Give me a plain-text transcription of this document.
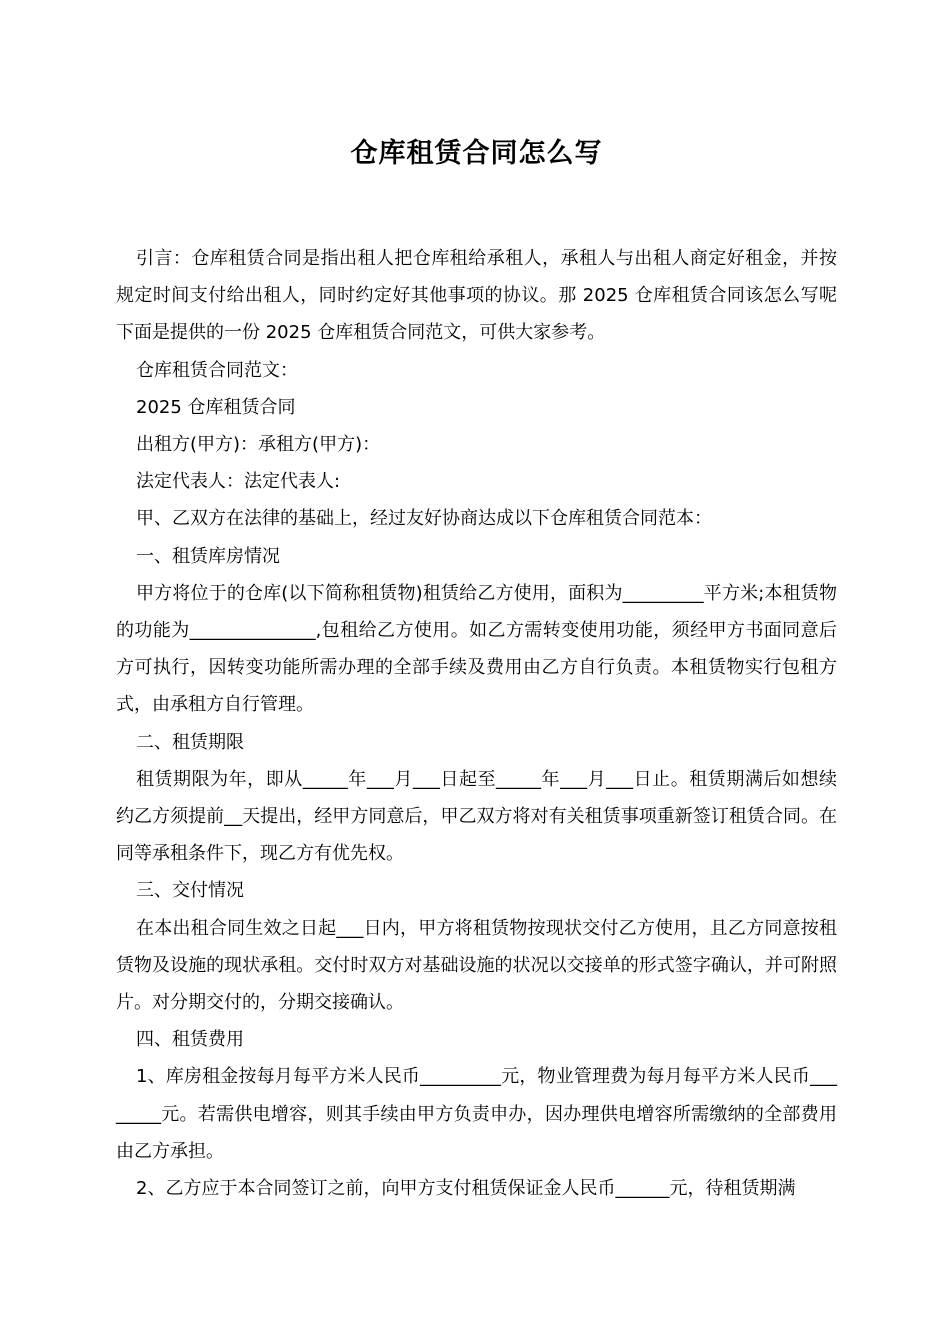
仓库租赁合同怎么写

引言：仓库租赁合同是指出租人把仓库租给承租人，承租人与出租人商定好租金，并按规定时间支付给出租人，同时约定好其他事项的协议。那 2025 仓库租赁合同该怎么写呢下面是提供的一份 2025 仓库租赁合同范文，可供大家参考。

仓库租赁合同范文：

2025 仓库租赁合同

出租方(甲方)：承租方(甲方)：

法定代表人：法定代表人:

甲、乙双方在法律的基础上，经过友好协商达成以下仓库租赁合同范本：

一、租赁库房情况

甲方将位于的仓库(以下简称租赁物)租赁给乙方使用，面积为_________平方米;本租赁物的功能为______________,包租给乙方使用。如乙方需转变使用功能，须经甲方书面同意后方可执行，因转变功能所需办理的全部手续及费用由乙方自行负责。本租赁物实行包租方式，由承租方自行管理。

二、租赁期限

租赁期限为年，即从_____年___月___日起至_____年___月___日止。租赁期满后如想续约乙方须提前__天提出，经甲方同意后，甲乙双方将对有关租赁事项重新签订租赁合同。在同等承租条件下，现乙方有优先权。

三、交付情况

在本出租合同生效之日起___日内，甲方将租赁物按现状交付乙方使用，且乙方同意按租赁物及设施的现状承租。交付时双方对基础设施的状况以交接单的形式签字确认，并可附照片。对分期交付的，分期交接确认。

四、租赁费用

1、库房租金按每月每平方米人民币_________元，物业管理费为每月每平方米人民币________元。若需供电增容，则其手续由甲方负责申办，因办理供电增容所需缴纳的全部费用由乙方承担。

2、乙方应于本合同签订之前，向甲方支付租赁保证金人民币______元，待租赁期满
